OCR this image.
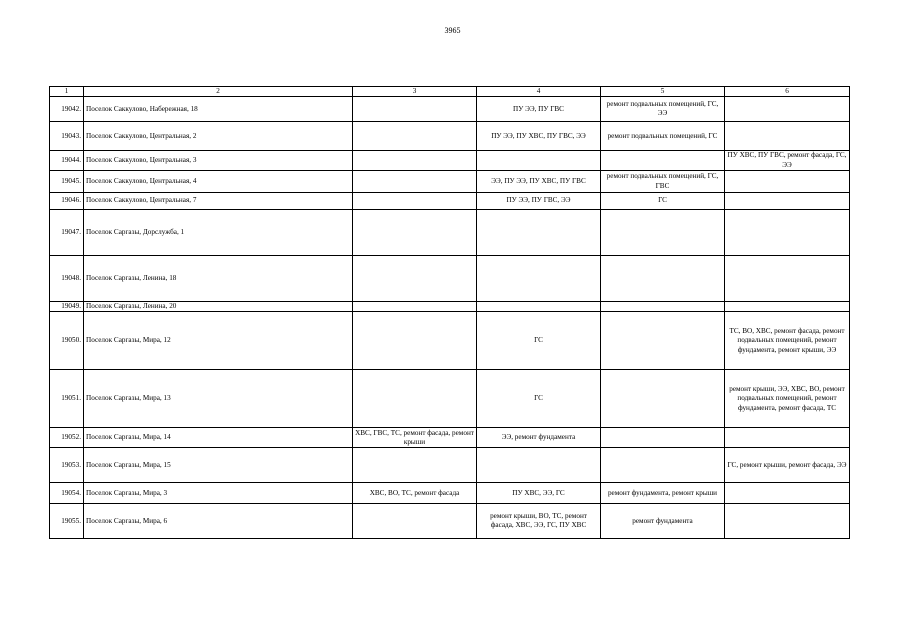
3965
1	2	3	4	5	6
19042.	Поселок Саккулово, Набережная, 18		ПУ ЭЭ, ПУ ГВС	ремонт подвальных помещений, ГС, ЭЭ	
19043.	Поселок Саккулово, Центральная, 2		ПУ ЭЭ, ПУ ХВС, ПУ ГВС, ЭЭ	ремонт подвальных помещений, ГС	
19044.	Поселок Саккулово, Центральная, 3				ПУ ХВС, ПУ ГВС, ремонт фасада, ГС, ЭЭ
19045.	Поселок Саккулово, Центральная, 4		ЭЭ, ПУ ЭЭ, ПУ ХВС, ПУ ГВС	ремонт подвальных помещений, ГС, ГВС	
19046.	Поселок Саккулово, Центральная, 7		ПУ ЭЭ, ПУ ГВС, ЭЭ	ГС	
19047.	Поселок Саргазы, Дорслужба, 1				
19048.	Поселок Саргазы, Ленина, 18				
19049.	Поселок Саргазы, Ленина, 20				
19050.	Поселок Саргазы, Мира, 12		ГС		ТС, ВО, ХВС, ремонт фасада, ремонт подвальных помещений, ремонт фундамента, ремонт крыши, ЭЭ
19051.	Поселок Саргазы, Мира, 13		ГС		ремонт крыши, ЭЭ, ХВС, ВО, ремонт подвальных помещений, ремонт фундамента, ремонт фасада, ТС
19052.	Поселок Саргазы, Мира, 14	ХВС, ГВС, ТС, ремонт фасада, ремонт крыши	ЭЭ, ремонт фундамента		
19053.	Поселок Саргазы, Мира, 15				ГС, ремонт крыши, ремонт фасада, ЭЭ
19054.	Поселок Саргазы, Мира, 3	ХВС, ВО, ТС, ремонт фасада	ПУ ХВС, ЭЭ, ГС	ремонт фундамента, ремонт крыши	
19055.	Поселок Саргазы, Мира, 6		ремонт крыши, ВО, ТС, ремонт фасада, ХВС, ЭЭ, ГС, ПУ ХВС	ремонт фундамента	
